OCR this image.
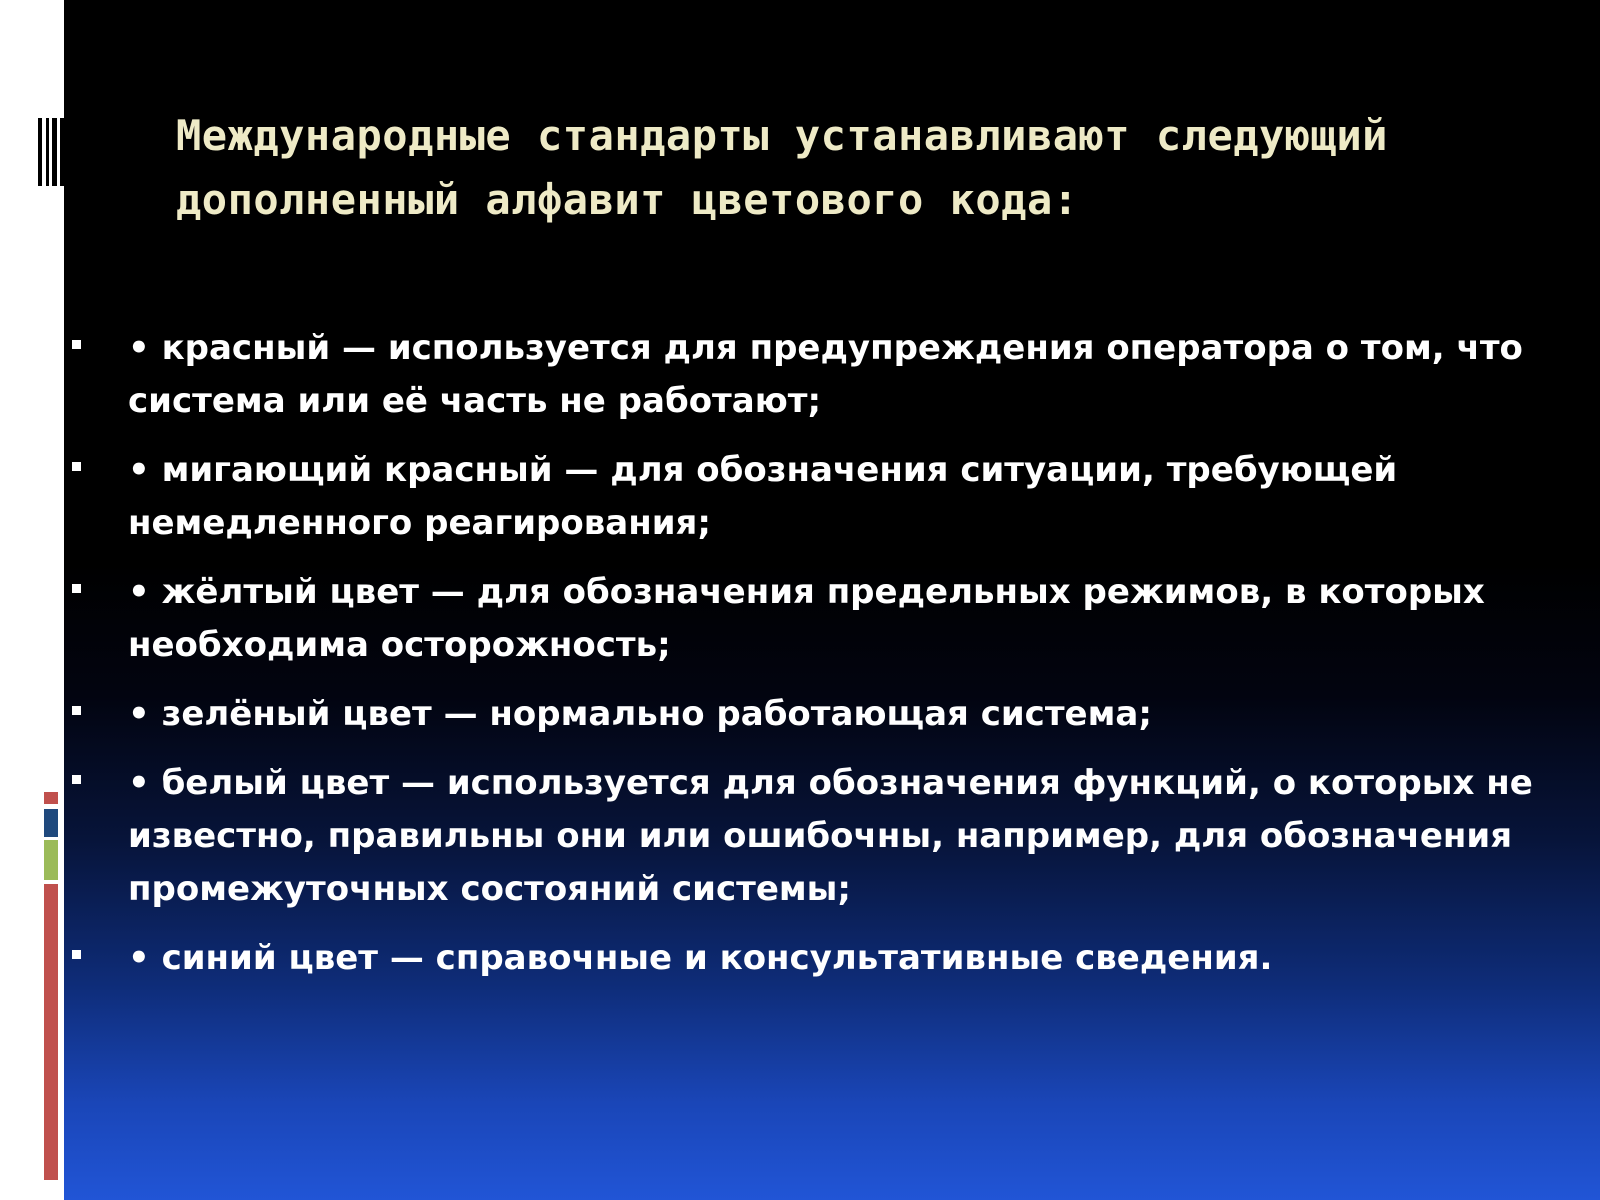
Международные стандарты устанавливают следующий дополненный алфавит цветового кода:
• красный — используется для предупреждения оператора о том, что система или её часть не работают;
• мигающий красный — для обозначения ситуации, требующей немедленного реагирования;
• жёлтый цвет — для обозначения предельных режимов, в которых необходима осторожность;
• зелёный цвет — нормально работающая система;
• белый цвет — используется для обозначения функций, о которых не известно, правильны они или ошибочны, например, для обозначения промежуточных состояний системы;
• синий цвет — справочные и консультативные сведения.
